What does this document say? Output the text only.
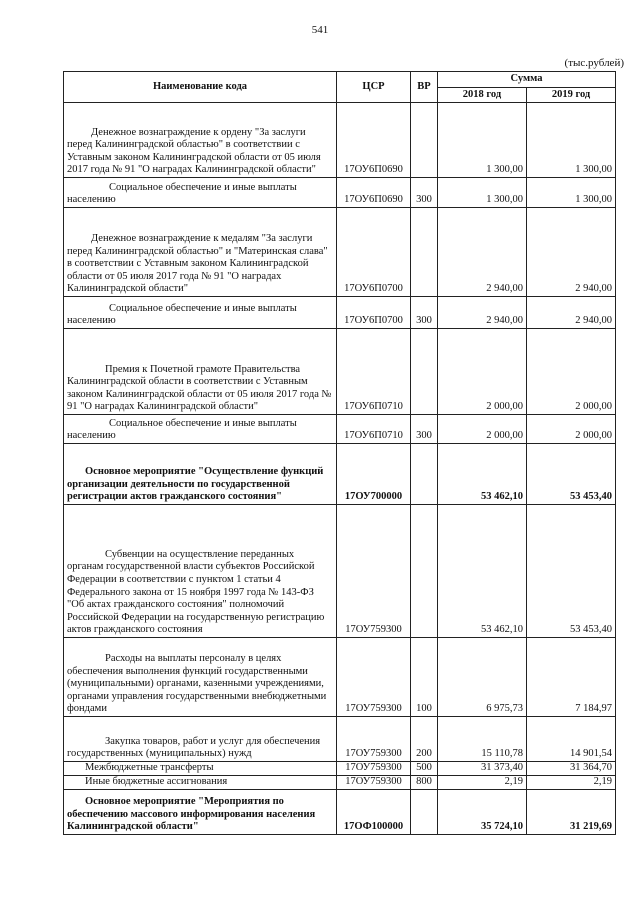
541
(тыс.рублей)
Наименование кода	ЦСР	ВР	Сумма	
			2018 год	2019 год
Денежное вознаграждение к ордену "За заслуги перед Калининградской областью" в соответствии с Уставным законом Калининградской области от 05 июля 2017 года № 91 "О наградах Калининградской области"	17ОУ6П0690		1 300,00	1 300,00
Социальное обеспечение и иные выплаты населению	17ОУ6П0690	300	1 300,00	1 300,00
Денежное вознаграждение к медалям "За заслуги перед Калининградской областью" и "Материнская слава" в соответствии с Уставным законом Калининградской области от 05 июля 2017 года № 91 "О наградах Калининградской области"	17ОУ6П0700		2 940,00	2 940,00
Социальное обеспечение и иные выплаты населению	17ОУ6П0700	300	2 940,00	2 940,00
Премия к Почетной грамоте Правительства Калининградской области в соответствии с Уставным законом Калининградской области от 05 июля 2017 года № 91 "О наградах Калининградской области"	17ОУ6П0710		2 000,00	2 000,00
Социальное обеспечение и иные выплаты населению	17ОУ6П0710	300	2 000,00	2 000,00
Основное мероприятие "Осуществление функций организации деятельности по государственной регистрации актов гражданского состояния"	17ОУ700000		53 462,10	53 453,40
Субвенции на осуществление переданных органам государственной власти субъектов Российской Федерации в соответствии с пунктом 1 статьи 4 Федерального закона от 15 ноября 1997 года № 143-ФЗ "Об актах гражданского состояния" полномочий Российской Федерации на государственную регистрацию актов гражданского состояния	17ОУ759300		53 462,10	53 453,40
Расходы на выплаты персоналу в целях обеспечения выполнения функций государственными (муниципальными) органами, казенными учреждениями, органами управления государственными внебюджетными фондами	17ОУ759300	100	6 975,73	7 184,97
Закупка товаров, работ и услуг для обеспечения государственных (муниципальных) нужд	17ОУ759300	200	15 110,78	14 901,54
Межбюджетные трансферты	17ОУ759300	500	31 373,40	31 364,70
Иные бюджетные ассигнования	17ОУ759300	800	2,19	2,19
Основное мероприятие "Мероприятия по обеспечению массового информирования населения Калининградской области"	17ОФ100000		35 724,10	31 219,69
